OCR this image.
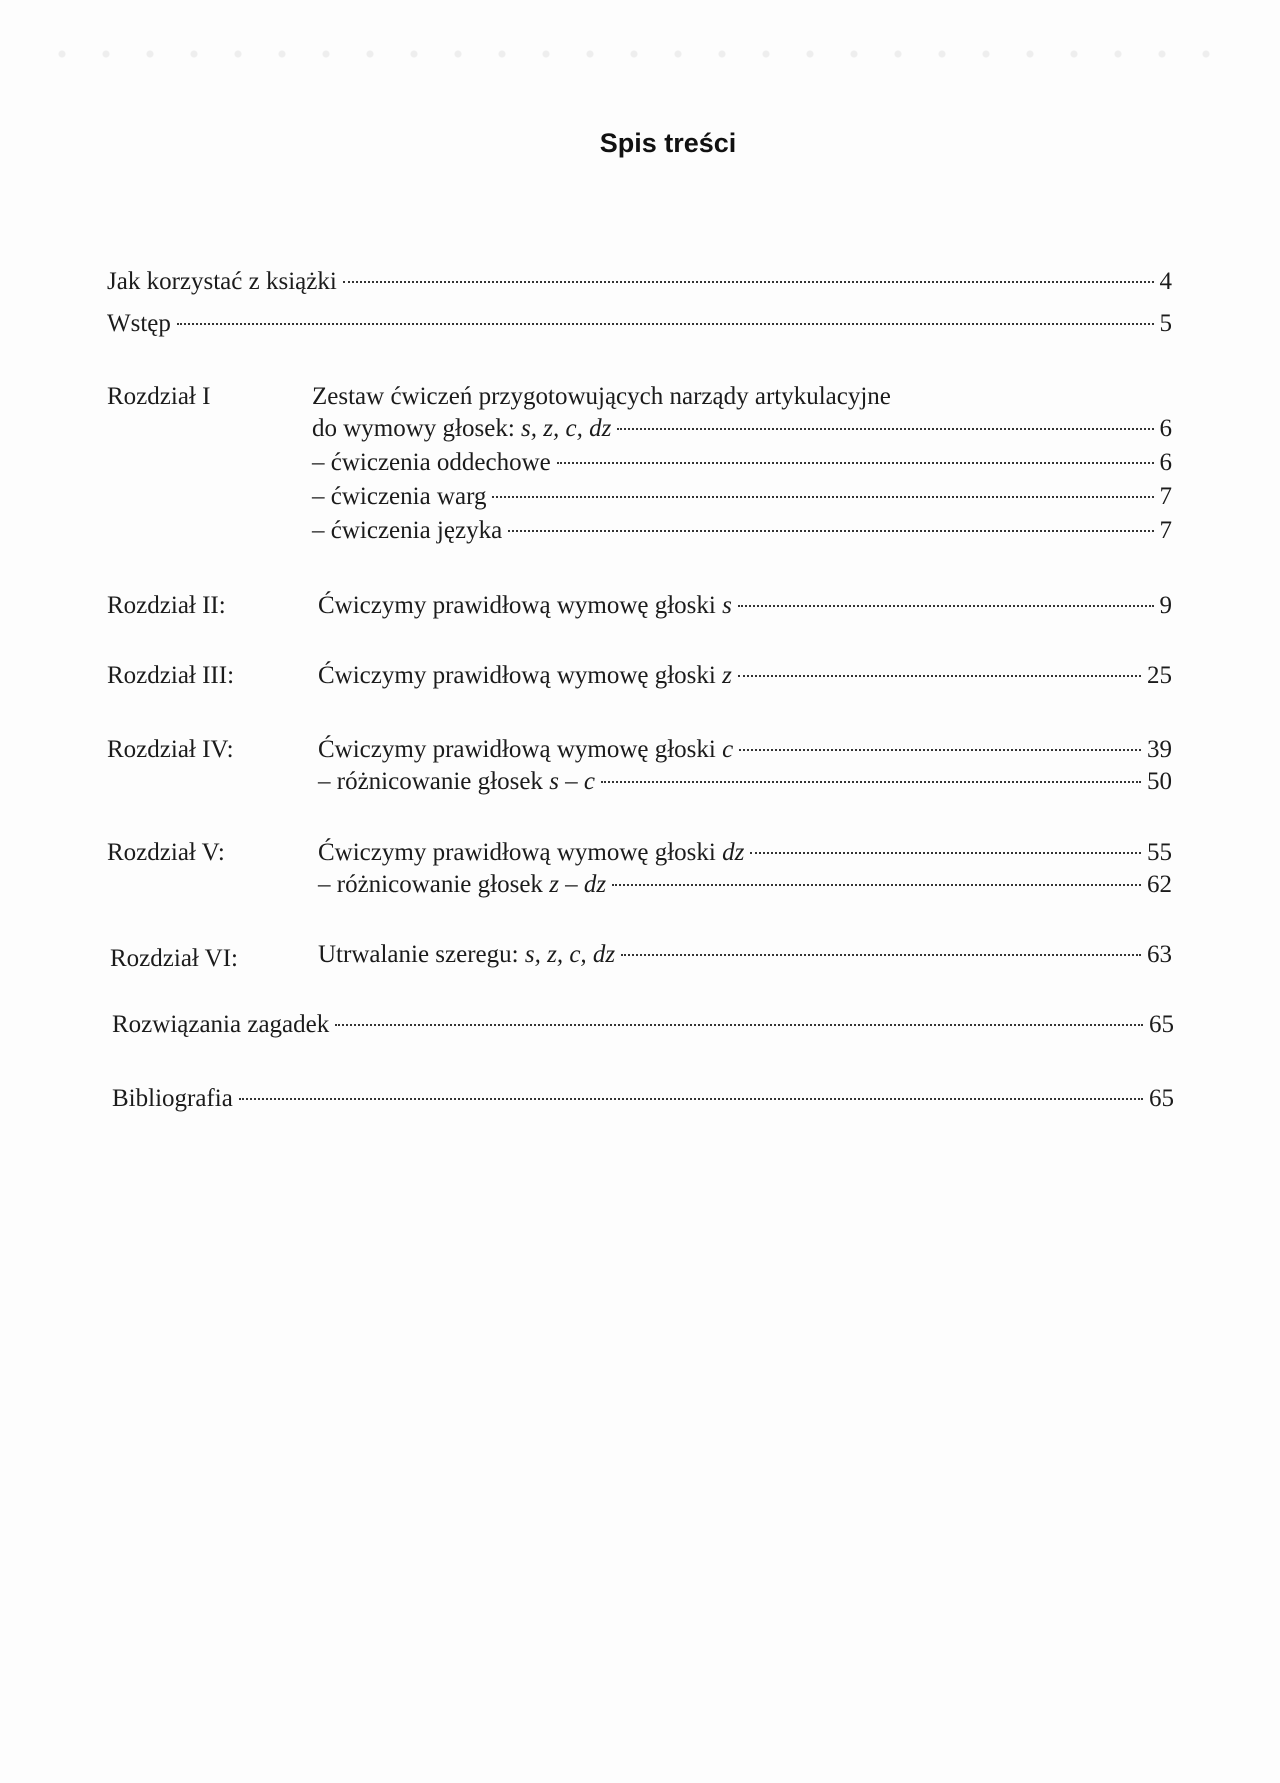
Spis treści
Jak korzystać z książki	4
Wstęp	5
Rozdział I	Zestaw ćwiczeń przygotowujących narządy artykulacyjne
do wymowy głosek: s, z, c, dz	6
– ćwiczenia oddechowe	6
– ćwiczenia warg	7
– ćwiczenia języka	7
Rozdział II:	Ćwiczymy prawidłową wymowę głoski s	9
Rozdział III:	Ćwiczymy prawidłową wymowę głoski z	25
Rozdział IV:	Ćwiczymy prawidłową wymowę głoski c	39
– różnicowanie głosek s – c	50
Rozdział V:	Ćwiczymy prawidłową wymowę głoski dz	55
– różnicowanie głosek z – dz	62
Rozdział VI:	Utrwalanie szeregu: s, z, c, dz	63
Rozwiązania zagadek	65
Bibliografia	65
